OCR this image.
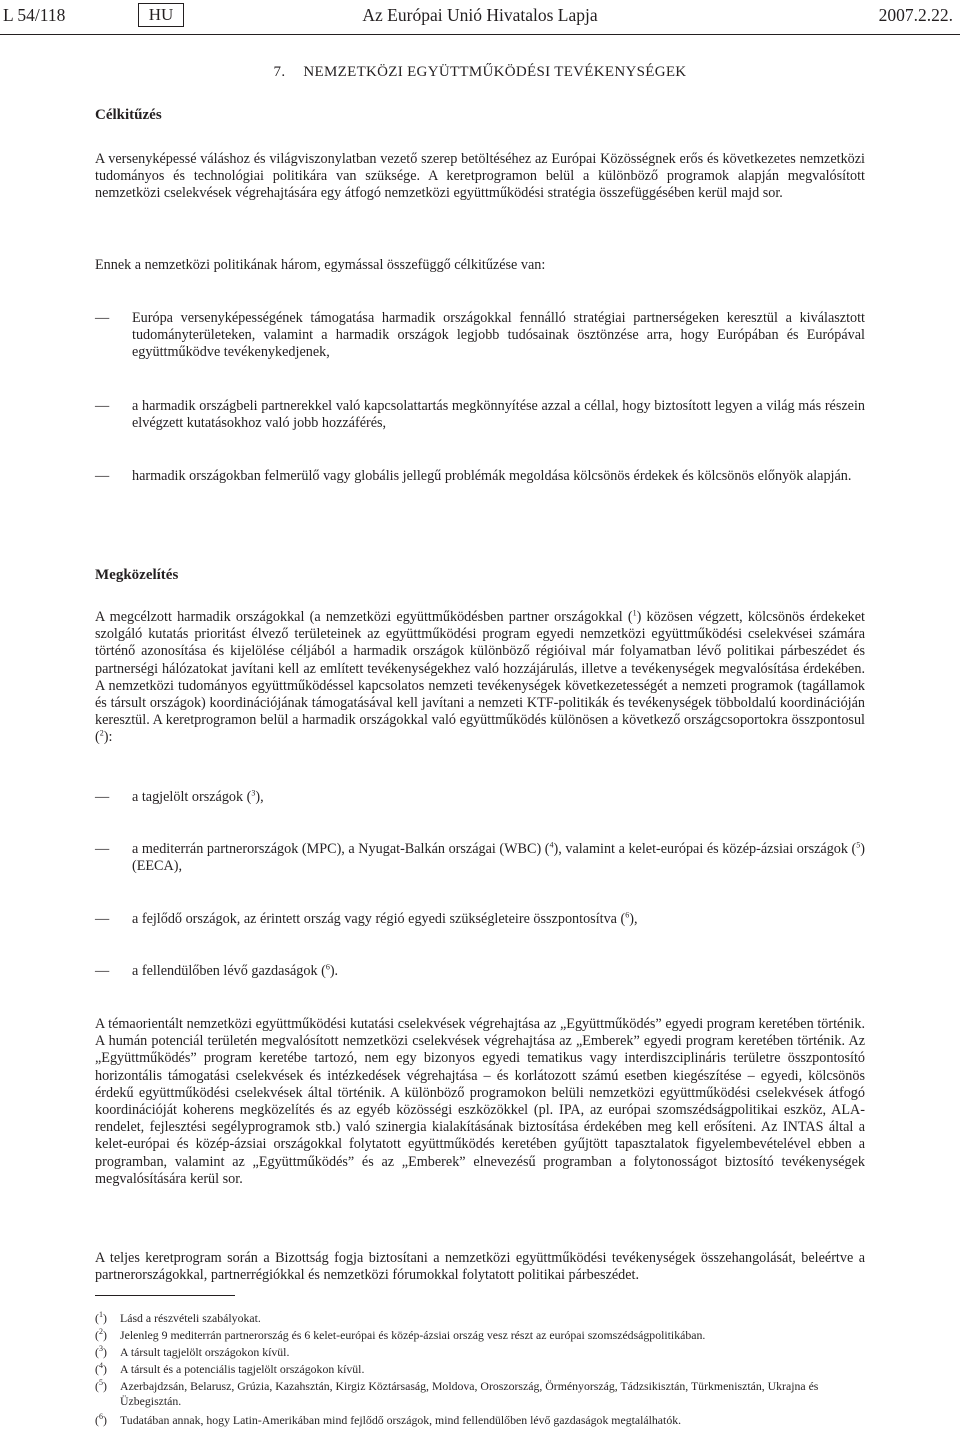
L 54/118	HU	Az Európai Unió Hivatalos Lapja	2007.2.22.
7. NEMZETKÖZI EGYÜTTMŰKÖDÉSI TEVÉKENYSÉGEK
Célkitűzés

A versenyképessé váláshoz és világviszonylatban vezető szerep betöltéséhez az Európai Közösségnek erős és következetes nemzetközi tudományos és technológiai politikára van szüksége. A keretprogramon belül a különböző programok alapján megvalósított nemzetközi cselekvések végrehajtására egy átfogó nemzetközi együttműködési stratégia összefüggésében kerül majd sor.

Ennek a nemzetközi politikának három, egymással összefüggő célkitűzése van:

—	Európa versenyképességének támogatása harmadik országokkal fennálló stratégiai partnerségeken keresztül a kiválasztott tudományterületeken, valamint a harmadik országok legjobb tudósainak ösztönzése arra, hogy Európában és Európával együttműködve tevékenykedjenek,
—	a harmadik országbeli partnerekkel való kapcsolattartás megkönnyítése azzal a céllal, hogy biztosított legyen a világ más részein elvégzett kutatásokhoz való jobb hozzáférés,
—	harmadik országokban felmerülő vagy globális jellegű problémák megoldása kölcsönös érdekek és kölcsönös előnyök alapján.
Megközelítés

A megcélzott harmadik országokkal (a nemzetközi együttműködésben partner országokkal ($^1$) közösen végzett, kölcsönös érdekeket szolgáló kutatás prioritást élvező területeinek az együttműködési program egyedi nemzetközi együttműködési cselekvései számára történő azonosítása és kijelölése céljából a harmadik országok különböző régióival már folyamatban lévő politikai párbeszédet és partnerségi hálózatokat javítani kell az említett tevékenységekhez való hozzájárulás, illetve a tevékenységek megvalósítása érdekében. A nemzetközi tudományos együttműködéssel kapcsolatos nemzeti tevékenységek következetességét a nemzeti programok (tagállamok és társult országok) koordinációjának támogatásával kell javítani a nemzeti KTF-politikák és tevékenységek többoldalú koordinációján keresztül. A keretprogramon belül a harmadik országokkal való együttműködés különösen a következő országcsoportokra összpontosul ($^2$):

—	a tagjelölt országok ($^3$),
—	a mediterrán partnerországok (MPC), a Nyugat-Balkán országai (WBC) ($^4$), valamint a kelet-európai és közép-ázsiai országok ($^5$) (EECA),
—	a fejlődő országok, az érintett ország vagy régió egyedi szükségleteire összpontosítva ($^6$),
—	a fellendülőben lévő gazdaságok ($^6$).

A témaorientált nemzetközi együttműködési kutatási cselekvések végrehajtása az „Együttműködés” egyedi program keretében történik. A humán potenciál területén megvalósított nemzetközi cselekvések végrehajtása az „Emberek” egyedi program keretében történik. Az „Együttműködés” program keretébe tartozó, nem egy bizonyos egyedi tematikus vagy interdiszciplináris területre összpontosító horizontális támogatási cselekvések és intézkedések végrehajtása – és korlátozott számú esetben kiegészítése – egyedi, kölcsönös érdekű együttműködési cselekvések által történik. A különböző programokon belüli nemzetközi együttműködési cselekvések átfogó koordinációját koherens megközelítés és az egyéb közösségi eszközökkel (pl. IPA, az európai szomszédságpolitikai eszköz, ALA-rendelet, fejlesztési segélyprogramok stb.) való szinergia kialakításának biztosítása érdekében meg kell erősíteni. Az INTAS által a kelet-európai és közép-ázsiai országokkal folytatott együttműködés keretében gyűjtött tapasztalatok figyelembevételével ebben a programban, valamint az „Együttműködés” és az „Emberek” elnevezésű programban a folytonosságot biztosító tevékenységek megvalósítására kerül sor.

A teljes keretprogram során a Bizottság fogja biztosítani a nemzetközi együttműködési tevékenységek összehangolását, beleértve a partnerországokkal, partnerrégiókkal és nemzetközi fórumokkal folytatott politikai párbeszédet.

($^1$) Lásd a részvételi szabályokat.
($^2$) Jelenleg 9 mediterrán partnerország és 6 kelet-európai és közép-ázsiai ország vesz részt az európai szomszédságpolitikában.
($^3$) A társult tagjelölt országokon kívül.
($^4$) A társult és a potenciális tagjelölt országokon kívül.
($^5$) Azerbajdzsán, Belarusz, Grúzia, Kazahsztán, Kirgiz Köztársaság, Moldova, Oroszország, Örményország, Tádzsikisztán, Türkmenisztán, Ukrajna és Üzbegisztán.
($^6$) Tudatában annak, hogy Latin-Amerikában mind fejlődő országok, mind fellendülőben lévő gazdaságok megtalálhatók.
